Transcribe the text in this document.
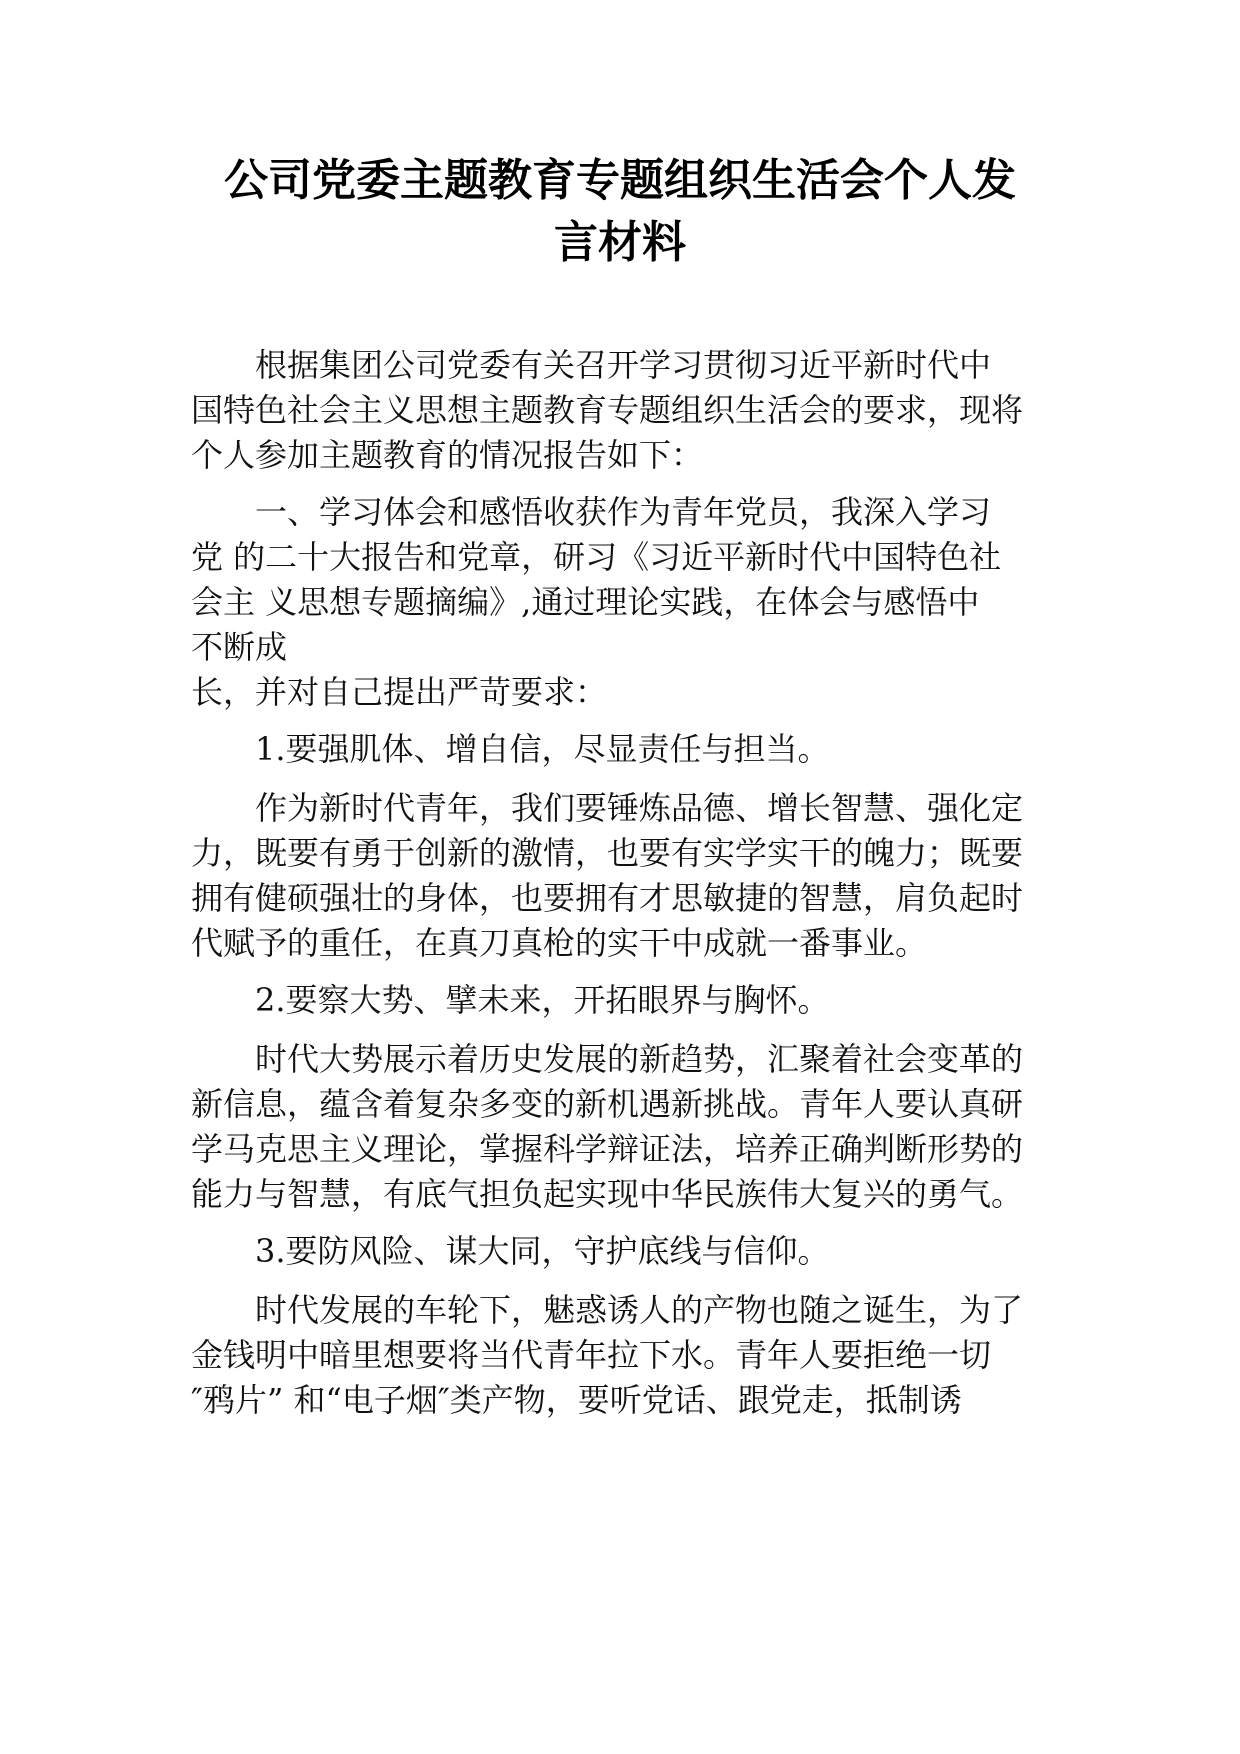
公司党委主题教育专题组织生活会个人发
言材料
根据集团公司党委有关召开学习贯彻习近平新时代中
国特色社会主义思想主题教育专题组织生活会的要求，现将
个人参加主题教育的情况报告如下：
一、学习体会和感悟收获作为青年党员，我深入学习
党 的二十大报告和党章，研习《习近平新时代中国特色社
会主 义思想专题摘编》,通过理论实践，在体会与感悟中
不断成
长，并对自己提出严苛要求：
1.要强肌体、增自信，尽显责任与担当。
作为新时代青年，我们要锤炼品德、增长智慧、强化定
力，既要有勇于创新的激情，也要有实学实干的魄力；既要
拥有健硕强壮的身体，也要拥有才思敏捷的智慧，肩负起时
代赋予的重任，在真刀真枪的实干中成就一番事业。
2.要察大势、擘未来，开拓眼界与胸怀。
时代大势展示着历史发展的新趋势，汇聚着社会变革的
新信息，蕴含着复杂多变的新机遇新挑战。青年人要认真研
学马克思主义理论，掌握科学辩证法，培养正确判断形势的
能力与智慧，有底气担负起实现中华民族伟大复兴的勇气。
3.要防风险、谋大同，守护底线与信仰。
时代发展的车轮下，魅惑诱人的产物也随之诞生，为了
金钱明中暗里想要将当代青年拉下水。青年人要拒绝一切
″鸦片” 和“电子烟″类产物，要听党话、跟党走，抵制诱
